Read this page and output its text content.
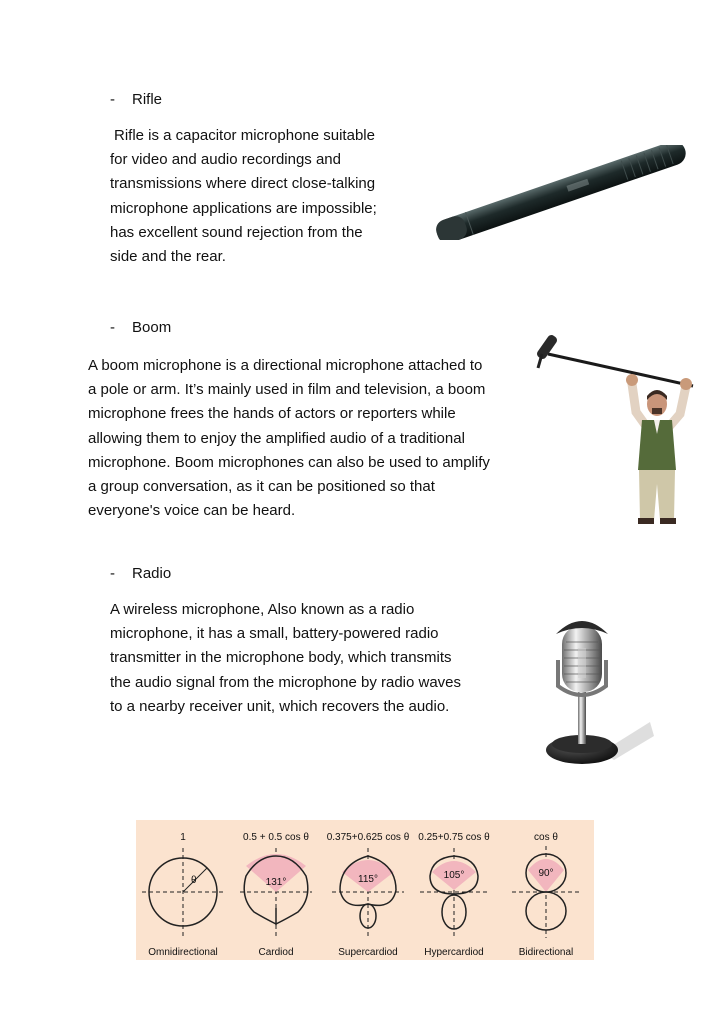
- Rifle
Rifle is a capacitor microphone suitable
for video and audio recordings and
transmissions where direct close-talking
microphone applications are impossible;
has excellent sound rejection from the
side and the rear.
- Boom
A boom microphone is a directional microphone attached to
a pole or arm. It’s mainly used in film and television, a boom
microphone frees the hands of actors or reporters while
allowing them to enjoy the amplified audio of a traditional
microphone. Boom microphones can also be used to amplify
a group conversation, as it can be positioned so that
everyone's voice can be heard.
- Radio
A wireless microphone, Also known as a radio
microphone, it has a small, battery-powered radio
transmitter in the microphone body, which transmits
the audio signal from the microphone by radio waves
to a nearby receiver unit, which recovers the audio.
1
θ
Omnidirectional
0.5 + 0.5 cos θ
131°
Cardiod
0.375+0.625 cos θ
115°
Supercardiod
0.25+0.75 cos θ
105°
Hypercardiod
cos θ
90°
Bidirectional
